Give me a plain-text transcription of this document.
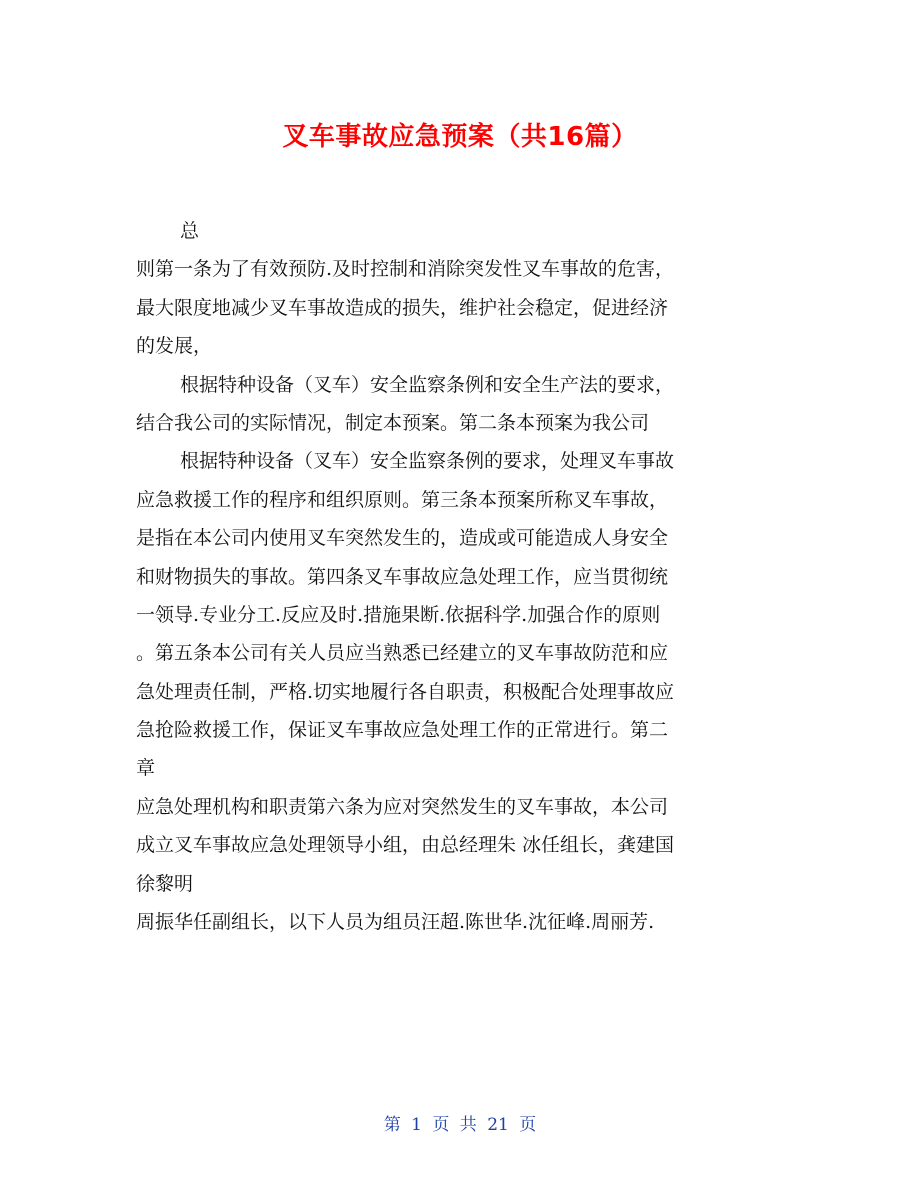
叉车事故应急预案（共16篇）
总
则第一条为了有效预防.及时控制和消除突发性叉车事故的危害，
最大限度地减少叉车事故造成的损失，维护社会稳定，促进经济
的发展，
根据特种设备（叉车）安全监察条例和安全生产法的要求，
结合我公司的实际情况，制定本预案。第二条本预案为我公司
根据特种设备（叉车）安全监察条例的要求，处理叉车事故
应急救援工作的程序和组织原则。第三条本预案所称叉车事故，
是指在本公司内使用叉车突然发生的，造成或可能造成人身安全
和财物损失的事故。第四条叉车事故应急处理工作，应当贯彻统
一领导.专业分工.反应及时.措施果断.依据科学.加强合作的原则
。第五条本公司有关人员应当熟悉已经建立的叉车事故防范和应
急处理责任制，严格.切实地履行各自职责，积极配合处理事故应
急抢险救援工作，保证叉车事故应急处理工作的正常进行。第二
章
应急处理机构和职责第六条为应对突然发生的叉车事故，本公司
成立叉车事故应急处理领导小组，由总经理朱 冰任组长，龚建国
徐黎明
周振华任副组长，以下人员为组员汪超.陈世华.沈征峰.周丽芳.
第 1 页 共 21 页
